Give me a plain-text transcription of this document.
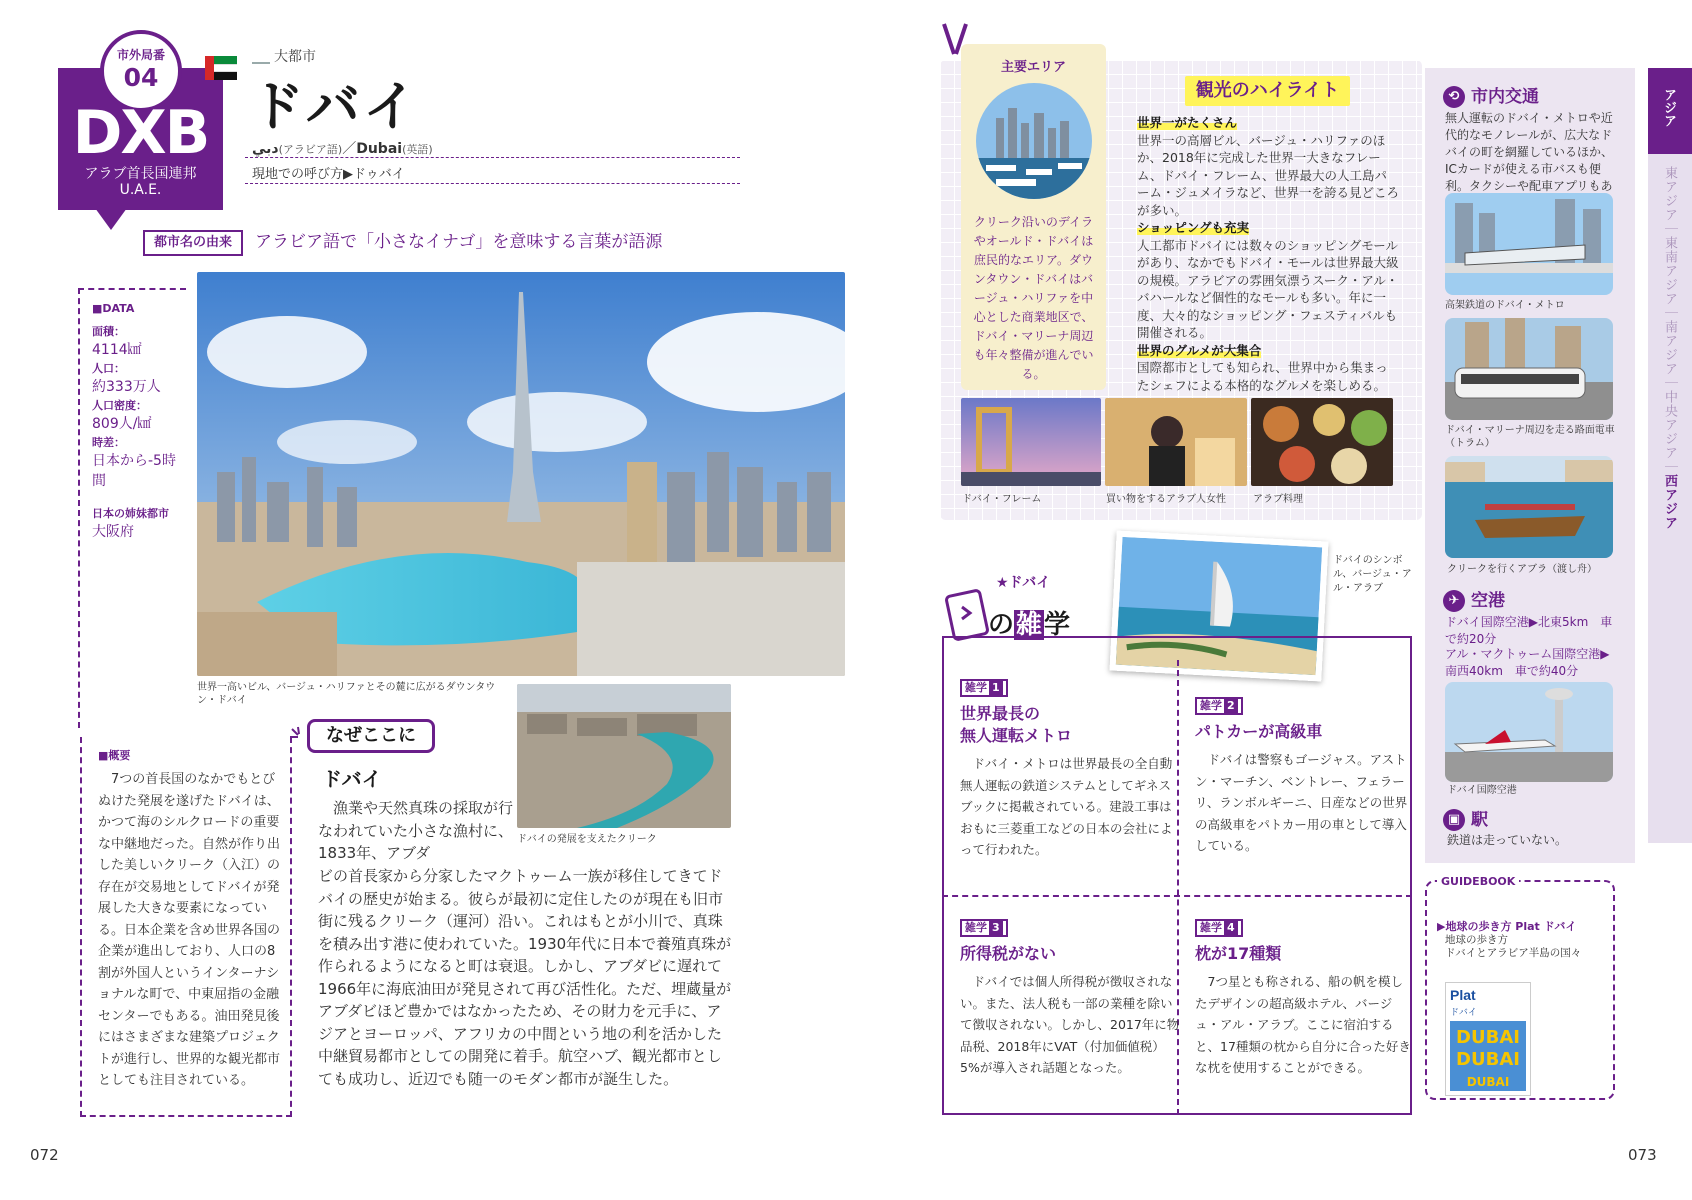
市外局番
04
DXB
アラブ首長国連邦
U.A.E.
大都市
ドバイ
دبي(アラビア語)／Dubai(英語)
現地での呼び方▶ドゥバイ
都市名の由来	アラビア語で「小さなイナゴ」を意味する言葉が語源
■DATA
面積：
4114㎢
人口：
約333万人
人口密度：
809人/㎢
時差：
日本から-5時間
日本の姉妹都市
大阪府
世界一高いビル、バージュ・ハリファとその麓に広がるダウンタウン・ドバイ
ドバイの発展を支えたクリーク
■概要
7つの首長国のなかでもとびぬけた発展を遂げたドバイは、かつて海のシルクロードの重要な中継地だった。自然が作り出した美しいクリーク（入江）の存在が交易地としてドバイが発展した大きな要素になっている。日本企業を含め世界各国の企業が進出しており、人口の8割が外国人というインターナショナルな町で、中東屈指の金融センターでもある。油田発見後にはさまざまな建築プロジェクトが進行し、世界的な観光都市としても注目されている。
なぜここに
ドバイ
漁業や天然真珠の採取が行なわれていた小さな漁村に、1833年、アブダ
ビの首長家から分家したマクトゥーム一族が移住してきてドバイの歴史が始まる。彼らが最初に定住したのが現在も旧市街に残るクリーク（運河）沿い。これはもとが小川で、真珠を積み出す港に使われていた。1930年代に日本で養殖真珠が作られるようになると町は衰退。しかし、アブダビに遅れて1966年に海底油田が発見されて再び活性化。ただ、埋蔵量がアブダビほど豊かではなかったため、その財力を元手に、アジアとヨーロッパ、アフリカの中間という地の利を活かした中継貿易都市としての開発に着手。航空ハブ、観光都市としても成功し、近辺でも随一のモダン都市が誕生した。
072
主要エリア
クリーク沿いのデイラやオールド・ドバイは庶民的なエリア。ダウンタウン・ドバイはバージュ・ハリファを中心とした商業地区で、ドバイ・マリーナ周辺も年々整備が進んでいる。
観光のハイライト
世界一がたくさん
世界一の高層ビル、バージュ・ハリファのほか、2018年に完成した世界一大きなフレーム、ドバイ・フレーム、世界最大の人工島パーム・ジュメイラなど、世界一を誇る見どころが多い。
ショッピングも充実
人工都市ドバイには数々のショッピングモールがあり、なかでもドバイ・モールは世界最大級の規模。アラビアの雰囲気漂うスーク・アル・バハールなど個性的なモールも多い。年に一度、大々的なショッピング・フェスティバルも開催される。
世界のグルメが大集合
国際都市としても知られ、世界中から集まったシェフによる本格的なグルメを楽しめる。
ドバイ・フレーム	買い物をするアラブ人女性	アラブ料理
★ドバイ
の雑学
ドバイのシンボル、バージュ・アル・アラブ
雑学 1
世界最長の
無人運転メトロ
ドバイ・メトロは世界最長の全自動無人運転の鉄道システムとしてギネスブックに掲載されている。建設工事はおもに三菱重工などの日本の会社によって行われた。
雑学 2
パトカーが高級車
ドバイは警察もゴージャス。アストン・マーチン、ベントレー、フェラーリ、ランボルギーニ、日産などの世界の高級車をパトカー用の車として導入している。
雑学 3
所得税がない
ドバイでは個人所得税が徴収されない。また、法人税も一部の業種を除いて徴収されない。しかし、2017年に物品税、2018年にVAT（付加価値税）5%が導入され話題となった。
雑学 4
枕が17種類
7つ星とも称される、船の帆を模したデザインの超高級ホテル、バージュ・アル・アラブ。ここに宿泊すると、17種類の枕から自分に合った好きな枕を使用することができる。
⟲ 市内交通
無人運転のドバイ・メトロや近代的なモノレールが、広大なドバイの町を網羅しているほか、ICカードが使える市バスも便利。タクシーや配車アプリもあ
高架鉄道のドバイ・メトロ
ドバイ・マリーナ周辺を走る路面電車（トラム）
クリークを行くアブラ（渡し舟）
✈ 空港
ドバイ国際空港▶北東5km　車で約20分
アル・マクトゥーム国際空港▶南西40km　車で約40分
ドバイ国際空港
▣ 駅
鉄道は走っていない。
アジア
東アジア｜東南アジア｜南アジア｜中央アジア｜西アジア
GUIDEBOOK
▶地球の歩き方 Plat ドバイ
地球の歩き方
ドバイとアラビア半島の国々
Plat
ドバイ
DUBAI
DUBAI
DUBAI
073
